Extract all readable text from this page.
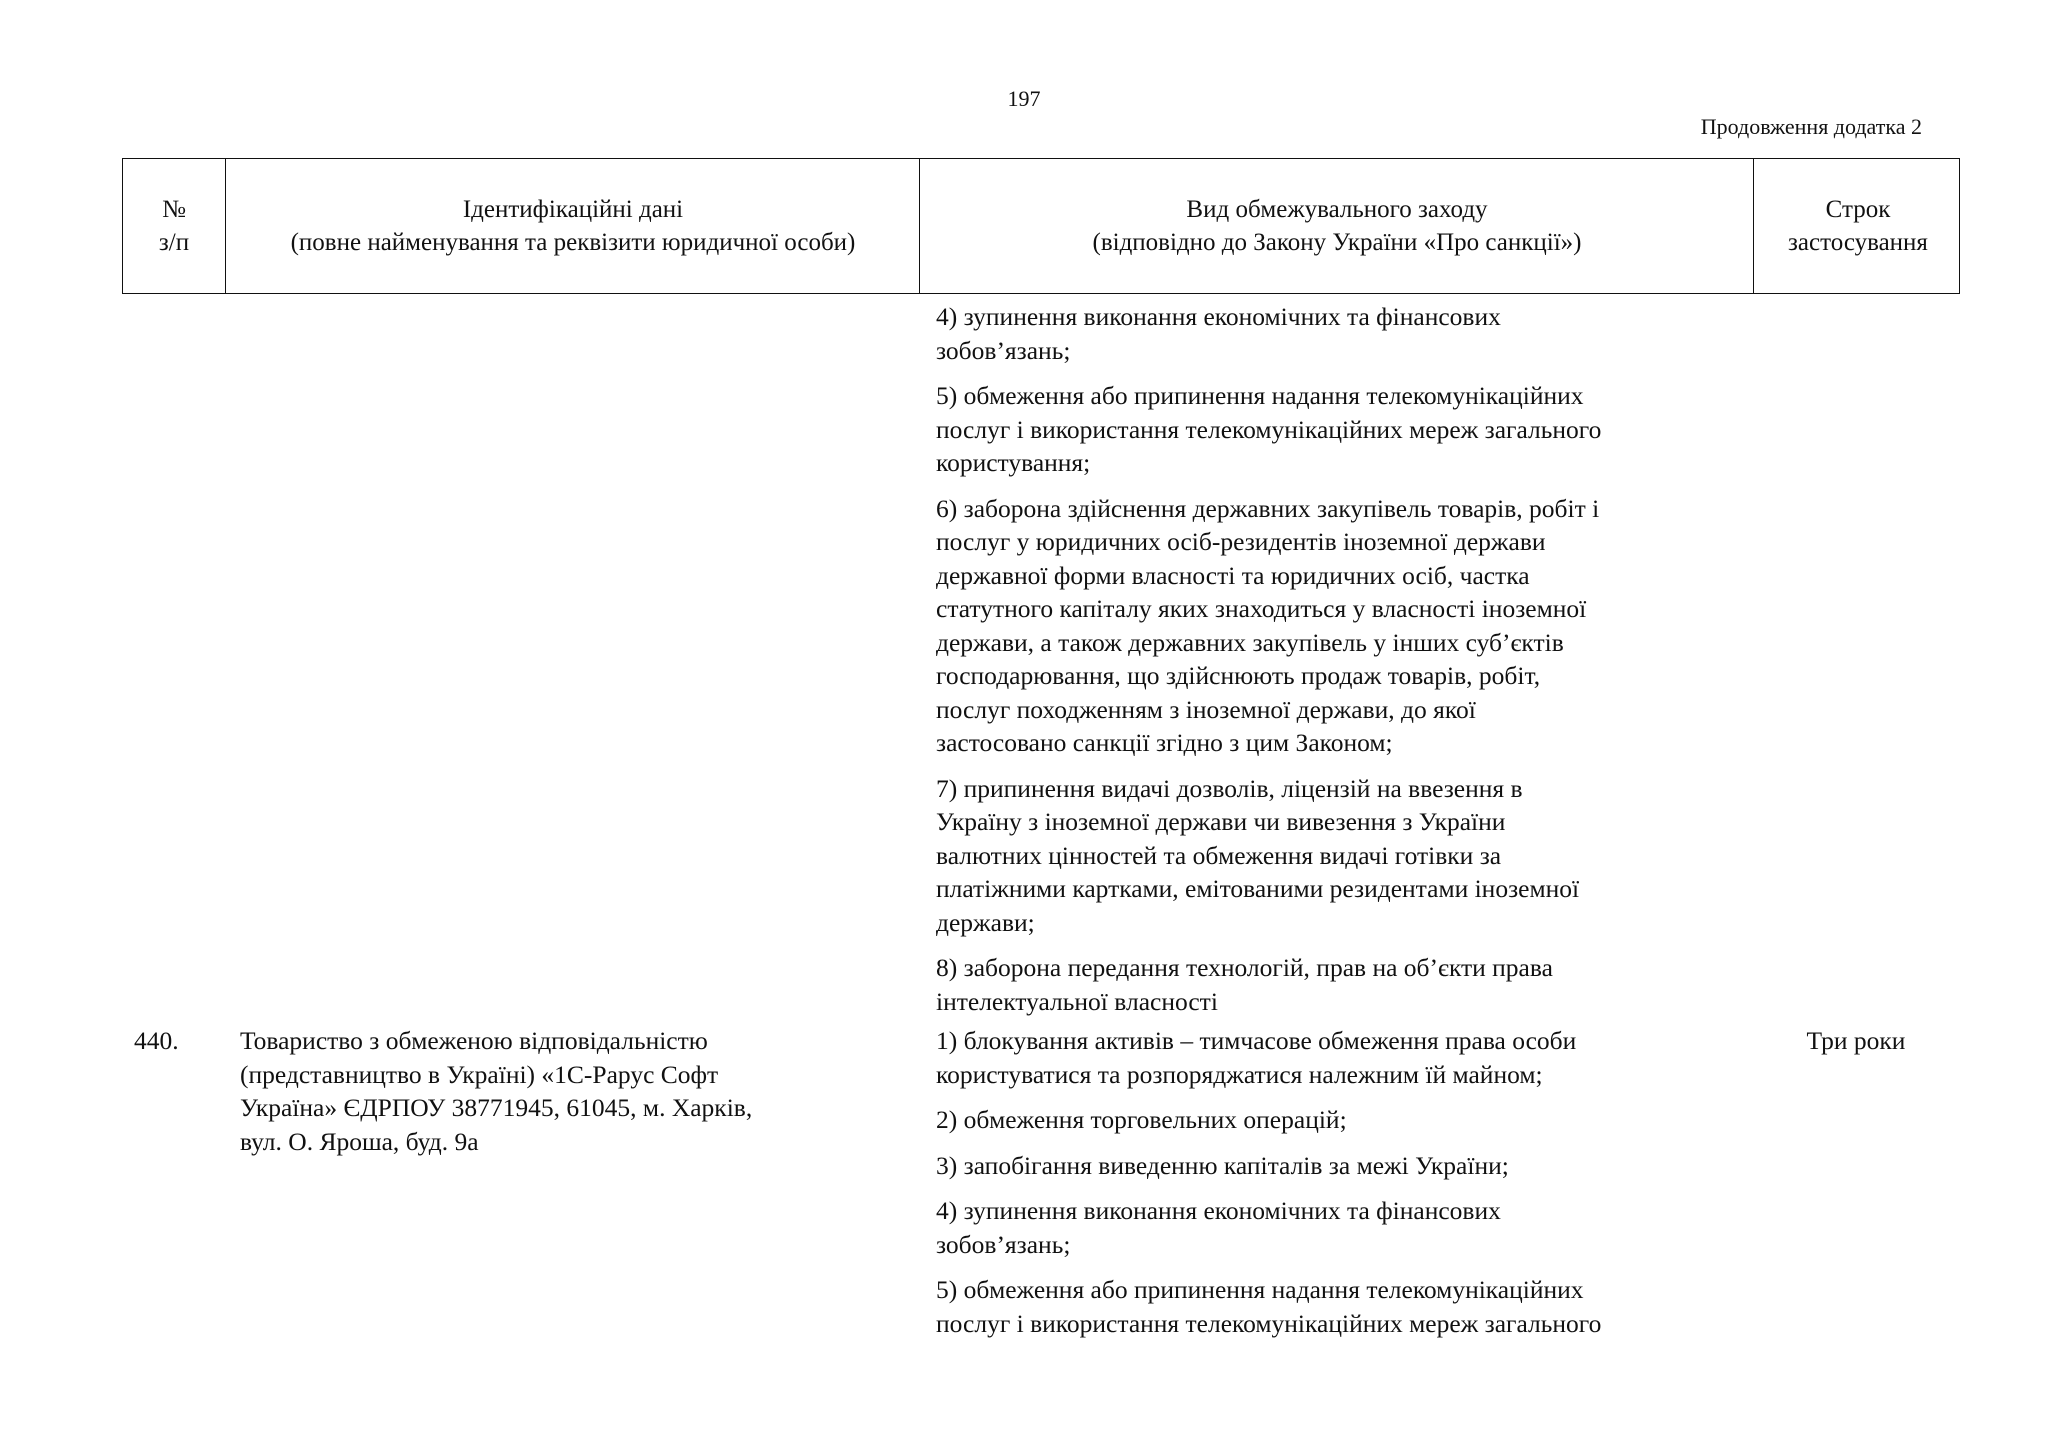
197
Продовження додатка 2
№
з/п
Ідентифікаційні дані
(повне найменування та реквізити юридичної особи)
Вид обмежувального заходу
(відповідно до Закону України «Про санкції»)
Строк
застосування
4) зупинення виконання економічних та фінансових
зобов’язань;
5) обмеження або припинення надання телекомунікаційних
послуг і використання телекомунікаційних мереж загального
користування;
6) заборона здійснення державних закупівель товарів, робіт і
послуг у юридичних осіб-резидентів іноземної держави
державної форми власності та юридичних осіб, частка
статутного капіталу яких знаходиться у власності іноземної
держави, а також державних закупівель у інших суб’єктів
господарювання, що здійснюють продаж товарів, робіт,
послуг походженням з іноземної держави, до якої
застосовано санкції згідно з цим Законом;
7) припинення видачі дозволів, ліцензій на ввезення в
Україну з іноземної держави чи вивезення з України
валютних цінностей та обмеження видачі готівки за
платіжними картками, емітованими резидентами іноземної
держави;
8) заборона передання технологій, прав на об’єкти права
інтелектуальної власності
440. Товариство з обмеженою відповідальністю
(представництво в Україні) «1С-Рарус Софт
Україна» ЄДРПОУ 38771945, 61045, м. Харків,
вул. О. Яроша, буд. 9а
1) блокування активів – тимчасове обмеження права особи
користуватися та розпоряджатися належним їй майном;
2) обмеження торговельних операцій;
3) запобігання виведенню капіталів за межі України;
4) зупинення виконання економічних та фінансових
зобов’язань;
5) обмеження або припинення надання телекомунікаційних
послуг і використання телекомунікаційних мереж загального
Три роки
